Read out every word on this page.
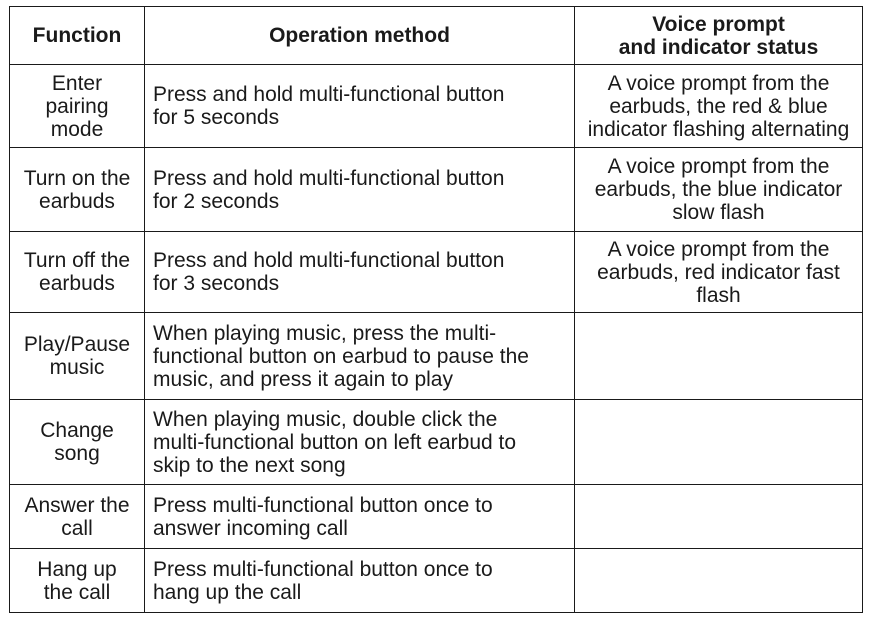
Function	Operation method	Voice prompt
and indicator status

Enter
pairing
mode	Press and hold multi-functional button
for 5 seconds	A voice prompt from the
earbuds, the red & blue
indicator flashing alternating

Turn on the
earbuds	Press and hold multi-functional button
for 2 seconds	A voice prompt from the
earbuds, the blue indicator
slow flash

Turn off the
earbuds	Press and hold multi-functional button
for 3 seconds	A voice prompt from the
earbuds, red indicator fast
flash

Play/Pause
music	When playing music, press the multi-
functional button on earbud to pause the
music, and press it again to play	

Change
song	When playing music, double click the
multi-functional button on left earbud to
skip to the next song	

Answer the
call	Press multi-functional button once to
answer incoming call	

Hang up
the call	Press multi-functional button once to
hang up the call	
